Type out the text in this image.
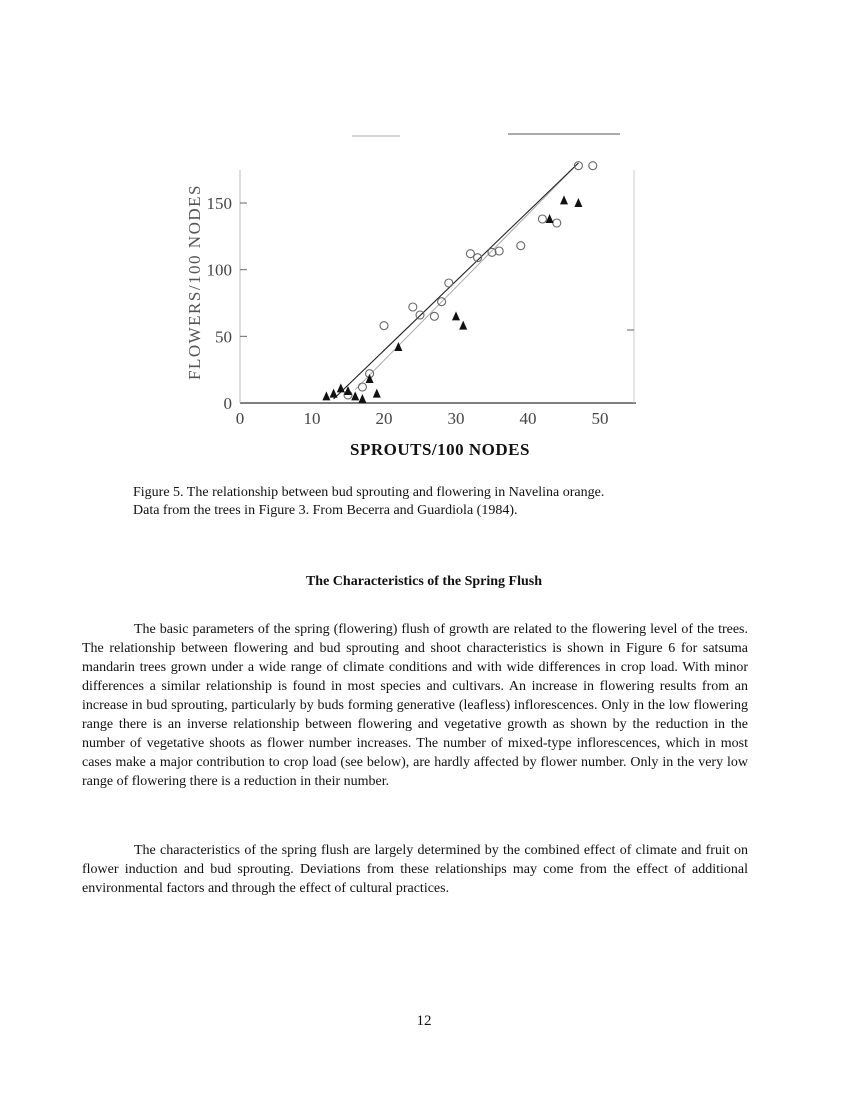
0
50
100
150
0	10	20	30	40	50
SPROUTS/100 NODES
FLOWERS/100 NODES
Figure 5. The relationship between bud sprouting and flowering in Navelina orange.
Data from the trees in Figure 3. From Becerra and Guardiola (1984).
The Characteristics of the Spring Flush

The basic parameters of the spring (flowering) flush of growth are related to the flowering level of the trees. The relationship between flowering and bud sprouting and shoot characteristics is shown in Figure 6 for satsuma mandarin trees grown under a wide range of climate conditions and with wide differences in crop load. With minor differences a similar relationship is found in most species and cultivars. An increase in flowering results from an increase in bud sprouting, particularly by buds forming generative (leafless) inflorescences. Only in the low flowering range there is an inverse relationship between flowering and vegetative growth as shown by the reduction in the number of vegetative shoots as flower number increases. The number of mixed-type inflorescences, which in most cases make a major contribution to crop load (see below), are hardly affected by flower number. Only in the very low range of flowering there is a reduction in their number.

The characteristics of the spring flush are largely determined by the combined effect of climate and fruit on flower induction and bud sprouting. Deviations from these relationships may come from the effect of additional environmental factors and through the effect of cultural practices.

12
